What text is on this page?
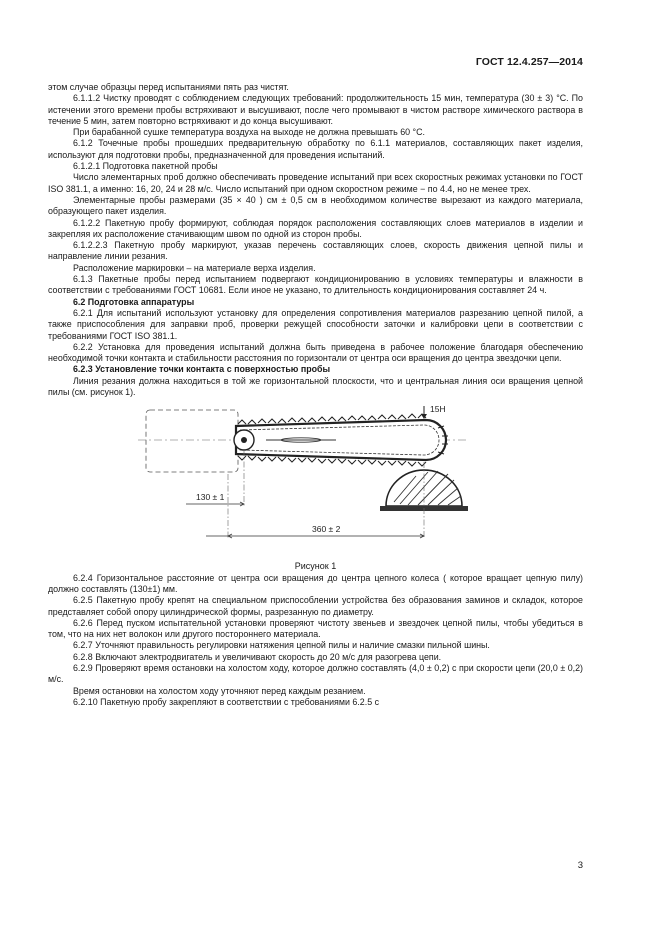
ГОСТ 12.4.257—2014

этом случае образцы перед испытаниями пять раз чистят.

6.1.1.2 Чистку проводят с соблюдением следующих требований: продолжительность 15 мин, температура (30 ± 3) °С. По истечении этого времени пробы встряхивают и высушивают, после чего промывают в чистом растворе химического раствора в течение 5 мин, затем повторно встряхивают и до конца высушивают.

При барабанной сушке температура воздуха на выходе не должна превышать 60 °С.

6.1.2 Точечные пробы прошедших предварительную обработку по 6.1.1 материалов, составляющих пакет изделия, используют для подготовки пробы, предназначенной для проведения испытаний.

6.1.2.1 Подготовка пакетной пробы

Число элементарных проб должно обеспечивать проведение испытаний при всех скоростных режимах установки по ГОСТ ISO 381.1, а именно: 16, 20, 24 и 28 м/с. Число испытаний при одном скоростном режиме − по 4.4, но не менее трех.

Элементарные пробы размерами (35 × 40 ) см ± 0,5 см в необходимом количестве вырезают из каждого материала, образующего пакет изделия.

6.1.2.2 Пакетную пробу формируют, соблюдая порядок расположения составляющих слоев материалов в изделии и закрепляя их расположение стачивающим швом по одной из сторон пробы.

6.1.2.2.3 Пакетную пробу маркируют, указав перечень составляющих слоев, скорость движения цепной пилы и направление линии резания.

Расположение маркировки – на материале верха изделия.

6.1.3 Пакетные пробы перед испытанием подвергают кондиционированию в условиях температуры и влажности в соответствии с требованиями ГОСТ 10681. Если иное не указано, то длительность кондиционирования составляет 24 ч.

6.2 Подготовка аппаратуры

6.2.1 Для испытаний используют установку для определения сопротивления материалов разрезанию цепной пилой, а также приспособления для заправки проб, проверки режущей способности заточки и калибровки цепи в соответствии с требованиями ГОСТ ISO 381.1.

6.2.2 Установка для проведения испытаний должна быть приведена в рабочее положение благодаря обеспечению необходимой точки контакта и стабильности расстояния по горизонтали от центра оси вращения до центра звездочки цепи.

6.2.3 Установление точки контакта с поверхностью пробы

Линия резания должна находиться в той же горизонтальной плоскости, что и центральная линия оси вращения цепной пилы (см. рисунок 1).

15Н
130 ± 1
360 ± 2

Рисунок 1

6.2.4 Горизонтальное расстояние от центра оси вращения до центра цепного колеса ( которое вращает цепную пилу) должно составлять (130±1) мм.

6.2.5 Пакетную пробу крепят на специальном приспособлении устройства без образования заминов и складок, которое представляет собой опору цилиндрической формы, разрезанную по диаметру.

6.2.6 Перед пуском испытательной установки проверяют чистоту звеньев и звездочек цепной пилы, чтобы убедиться в том, что на них нет волокон или другого постороннего материала.

6.2.7 Уточняют правильность регулировки натяжения цепной пилы и наличие смазки пильной шины.

6.2.8 Включают электродвигатель и увеличивают скорость до 20 м/с для разогрева цепи.

6.2.9 Проверяют время остановки на холостом ходу, которое должно составлять (4,0 ± 0,2) с при скорости цепи (20,0 ± 0,2) м/с.

Время остановки на холостом ходу уточняют перед каждым резанием.

6.2.10 Пакетную пробу закрепляют в соответствии с требованиями 6.2.5 с

3
